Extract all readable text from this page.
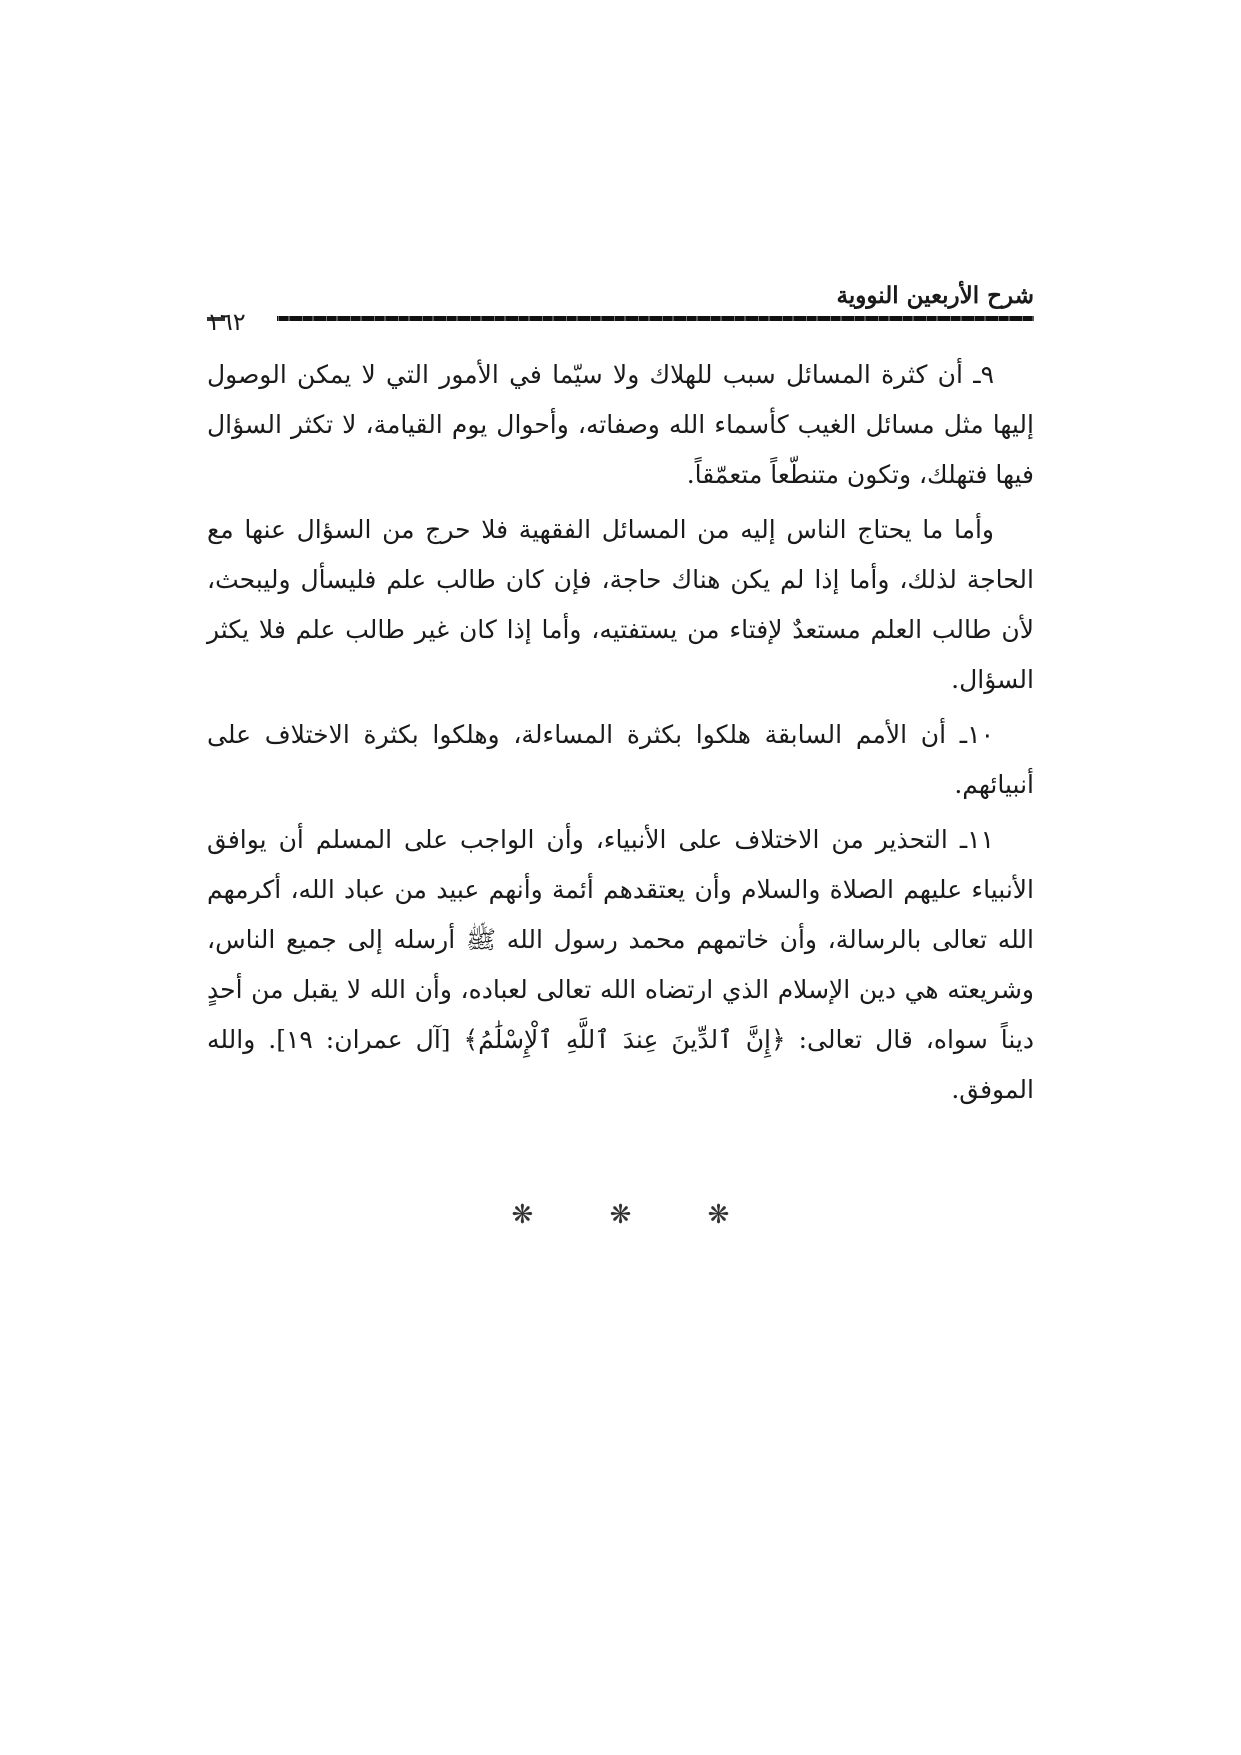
شرح الأربعين النووية
١٦٢

٩ـ أن كثرة المسائل سبب للهلاك ولا سيّما في الأمور التي لا يمكن الوصول إليها مثل مسائل الغيب كأسماء الله وصفاته، وأحوال يوم القيامة، لا تكثر السؤال فيها فتهلك، وتكون متنطّعاً متعمّقاً.

وأما ما يحتاج الناس إليه من المسائل الفقهية فلا حرج من السؤال عنها مع الحاجة لذلك، وأما إذا لم يكن هناك حاجة، فإن كان طالب علم فليسأل وليبحث، لأن طالب العلم مستعدٌ لإفتاء من يستفتيه، وأما إذا كان غير طالب علم فلا يكثر السؤال.

١٠ـ أن الأمم السابقة هلكوا بكثرة المساءلة، وهلكوا بكثرة الاختلاف على أنبيائهم.

١١ـ التحذير من الاختلاف على الأنبياء، وأن الواجب على المسلم أن يوافق الأنبياء عليهم الصلاة والسلام وأن يعتقدهم أئمة وأنهم عبيد من عباد الله، أكرمهم الله تعالى بالرسالة، وأن خاتمهم محمد رسول الله ﷺ أرسله إلى جميع الناس، وشريعته هي دين الإسلام الذي ارتضاه الله تعالى لعباده، وأن الله لا يقبل من أحدٍ ديناً سواه، قال تعالى: ﴿إِنَّ ٱلدِّينَ عِندَ ٱللَّهِ ٱلْإِسْلَٰمُ﴾ [آل عمران: ١٩]. والله الموفق.

❋	❋	❋
